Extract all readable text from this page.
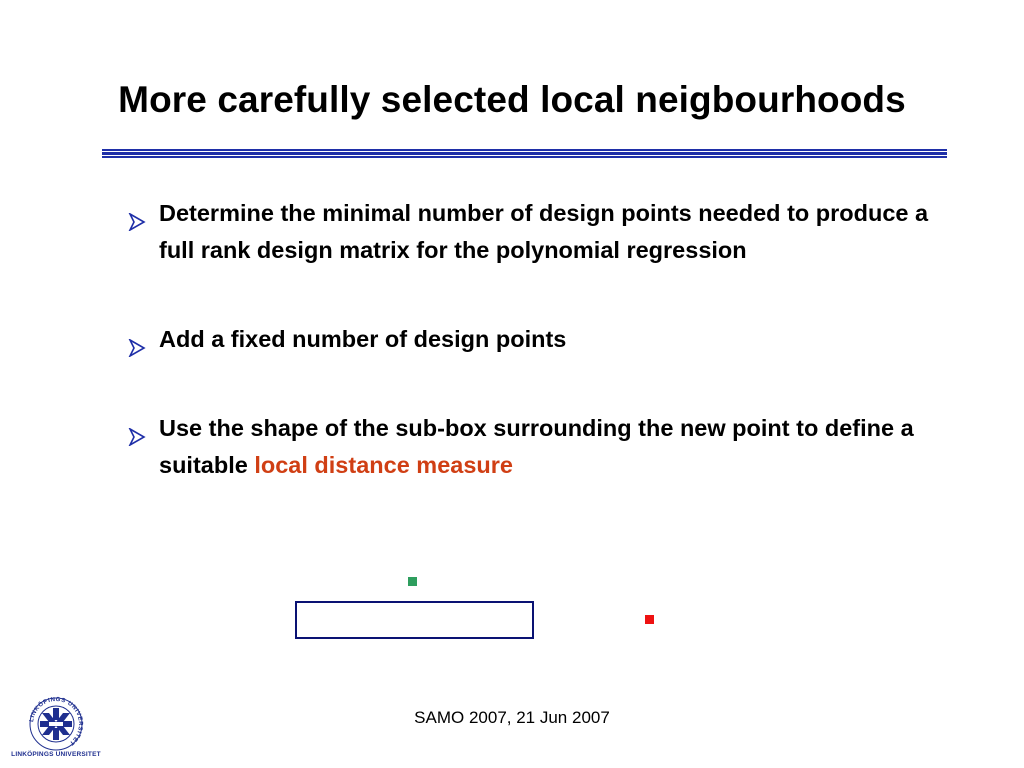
More carefully selected local neigbourhoods
Determine the minimal number of design points needed to produce a full rank design matrix for the polynomial regression
Add a fixed number of design points
Use the shape of the sub-box surrounding the new point to define a suitable local distance measure
LINKÖPINGS UNIVERSITET
LINKÖPINGS UNIVERSITET
SAMO 2007, 21 Jun 2007
